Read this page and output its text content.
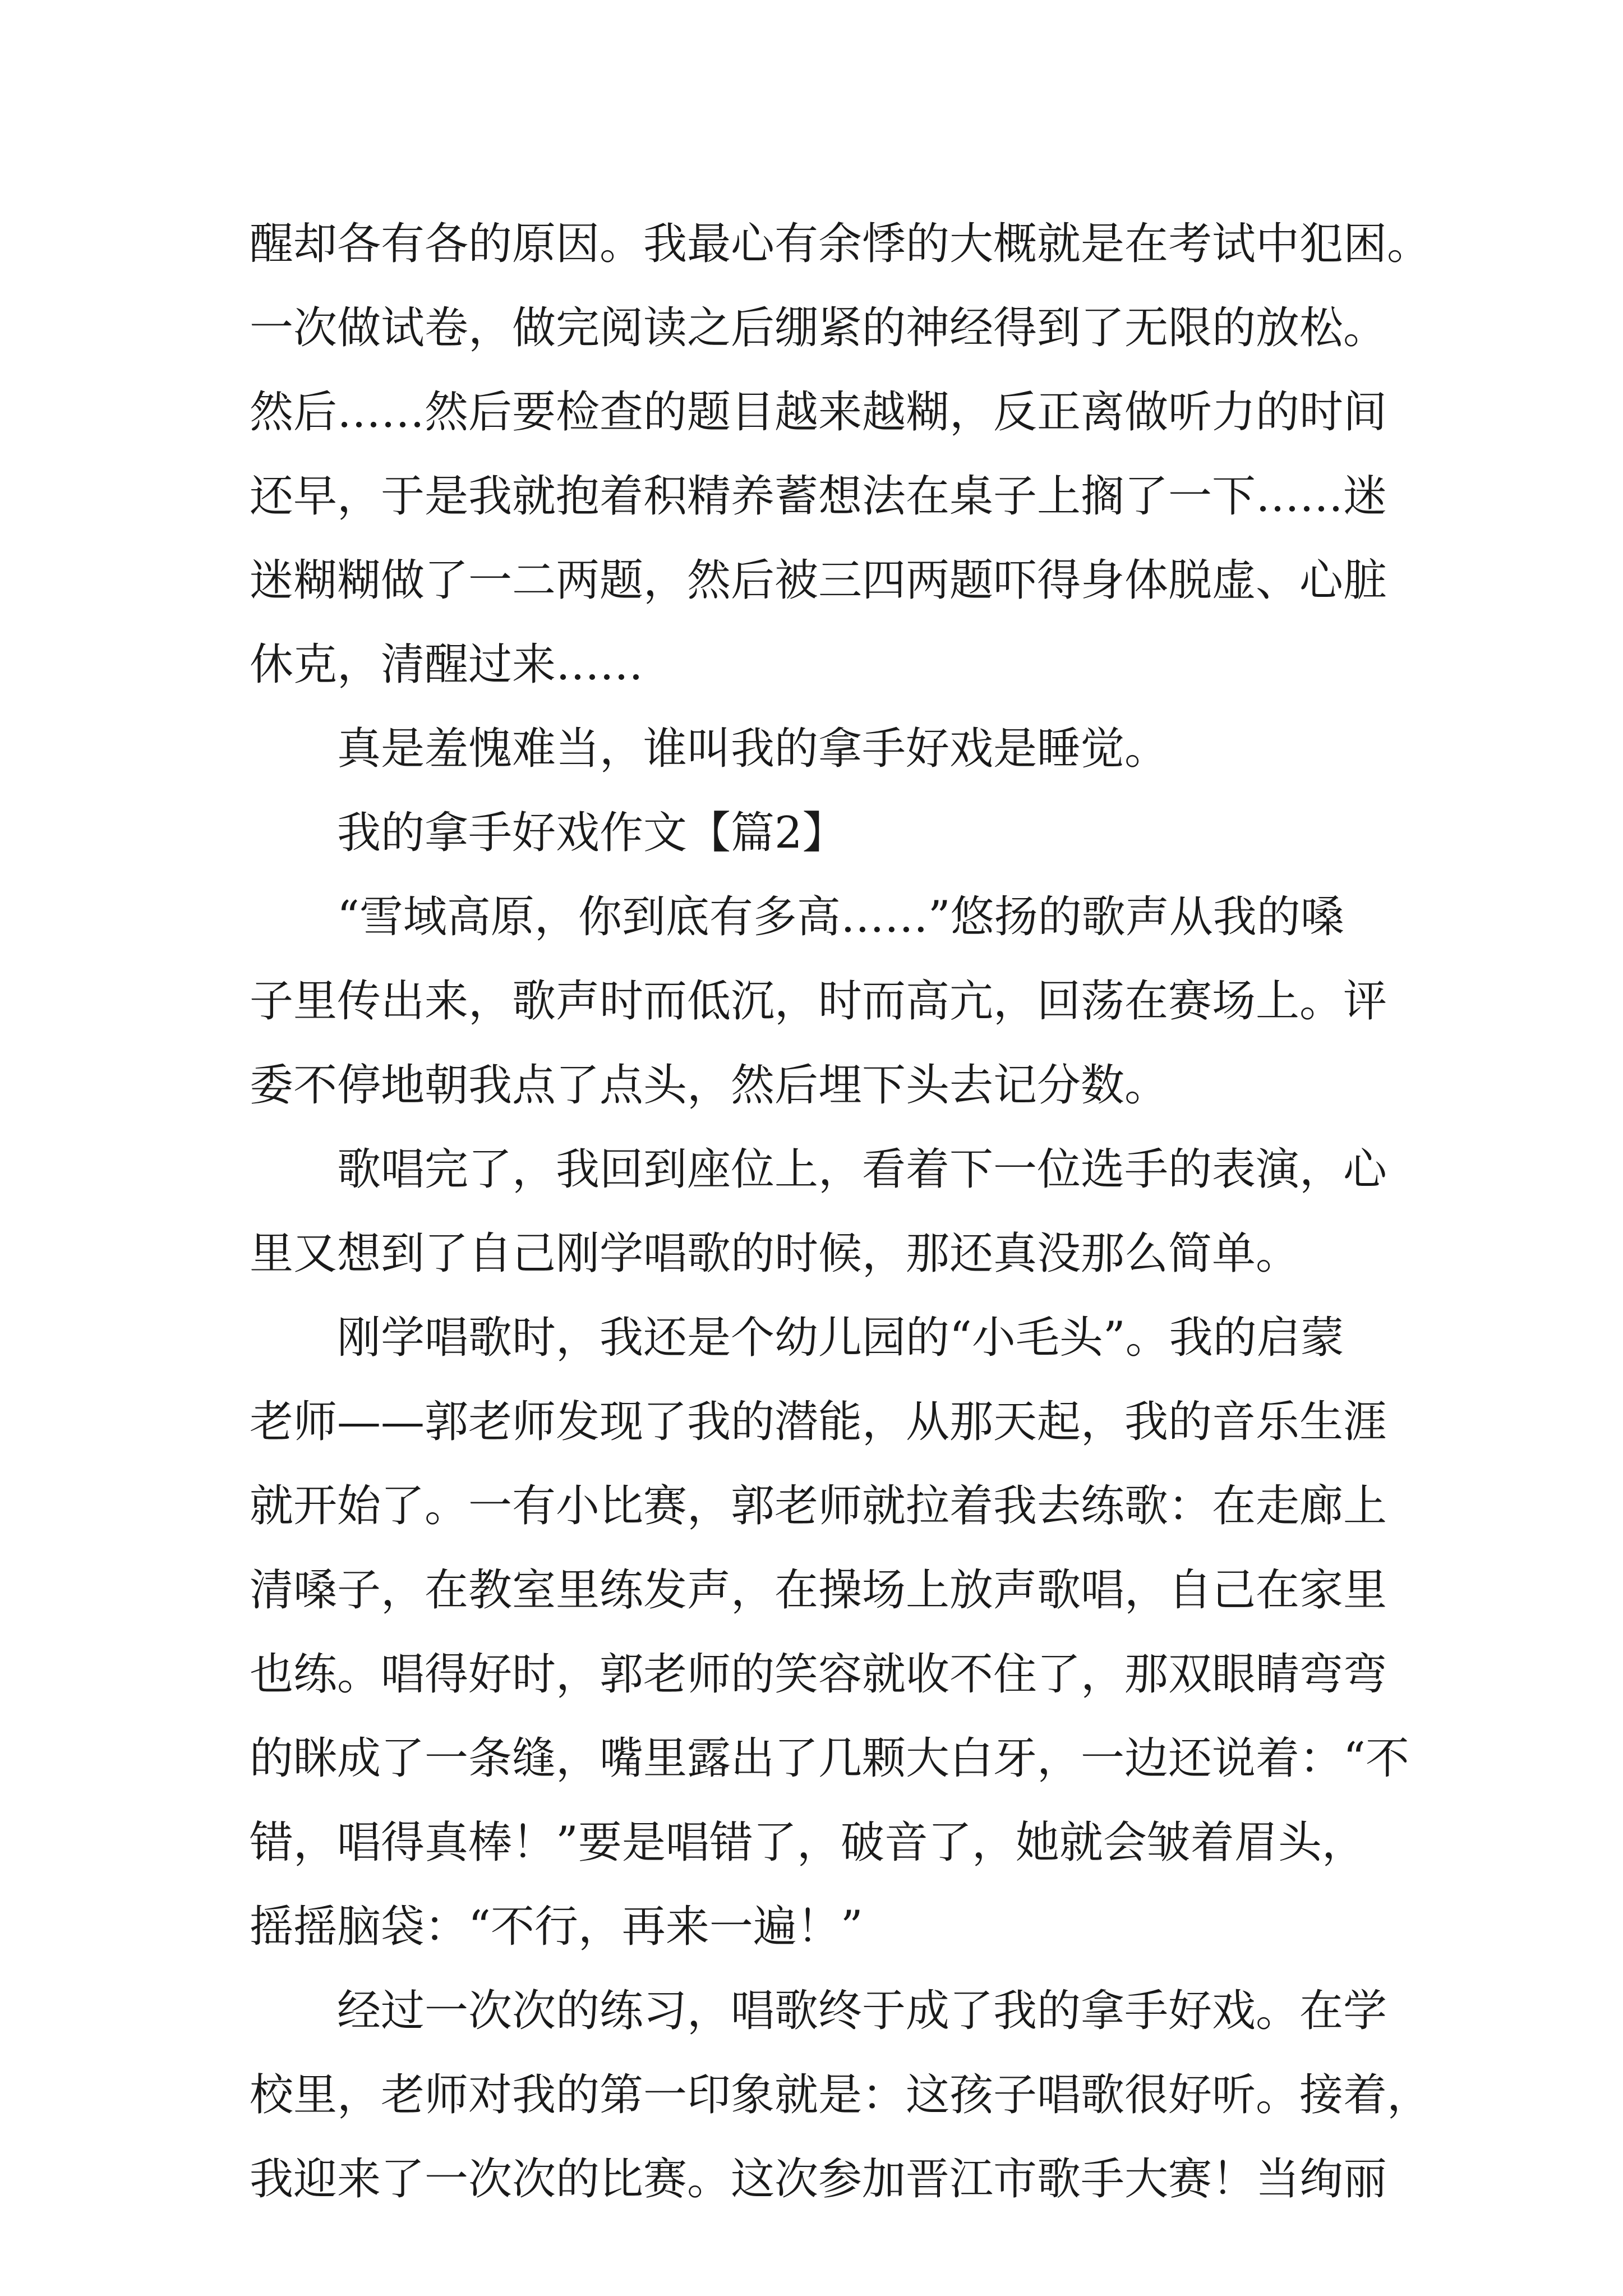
醒却各有各的原因。我最心有余悸的大概就是在考试中犯困。
一次做试卷，做完阅读之后绷紧的神经得到了无限的放松。
然后……然后要检查的题目越来越糊，反正离做听力的时间
还早，于是我就抱着积精养蓄想法在桌子上搁了一下……迷
迷糊糊做了一二两题，然后被三四两题吓得身体脱虚、心脏
休克，清醒过来……
真是羞愧难当，谁叫我的拿手好戏是睡觉。
我的拿手好戏作文【篇2】
“雪域高原，你到底有多高……”悠扬的歌声从我的嗓
子里传出来，歌声时而低沉，时而高亢，回荡在赛场上。评
委不停地朝我点了点头，然后埋下头去记分数。
歌唱完了，我回到座位上，看着下一位选手的表演，心
里又想到了自己刚学唱歌的时候，那还真没那么简单。
刚学唱歌时，我还是个幼儿园的“小毛头”。我的启蒙
老师——郭老师发现了我的潜能，从那天起，我的音乐生涯
就开始了。一有小比赛，郭老师就拉着我去练歌：在走廊上
清嗓子，在教室里练发声，在操场上放声歌唱，自己在家里
也练。唱得好时，郭老师的笑容就收不住了，那双眼睛弯弯
的眯成了一条缝，嘴里露出了几颗大白牙，一边还说着：“不
错，唱得真棒！”要是唱错了，破音了，她就会皱着眉头，
摇摇脑袋：“不行，再来一遍！”
经过一次次的练习，唱歌终于成了我的拿手好戏。在学
校里，老师对我的第一印象就是：这孩子唱歌很好听。接着，
我迎来了一次次的比赛。这次参加晋江市歌手大赛！当绚丽
